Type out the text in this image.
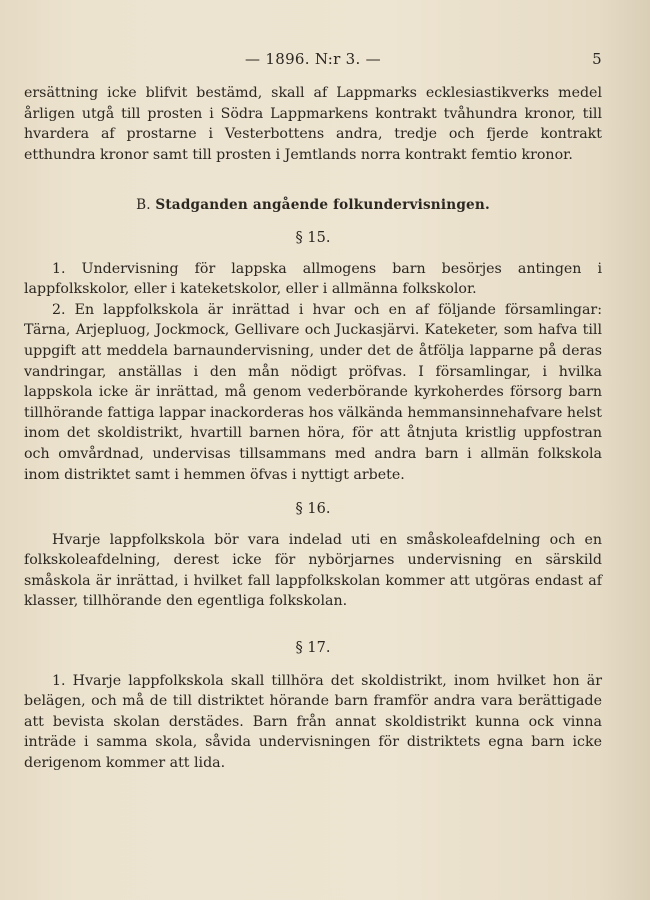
— 1896. N:r 3. —	5

ersättning icke blifvit bestämd, skall af Lappmarks ecklesiastikverks medel årligen utgå till prosten i Södra Lappmarkens kontrakt tvåhundra kronor, till hvardera af prostarne i Vesterbottens andra, tredje och fjerde kontrakt etthundra kronor samt till prosten i Jemtlands norra kontrakt femtio kronor.

B. Stadganden angående folkundervisningen.
§ 15.

1. Undervisning för lappska allmogens barn besörjes antingen i lappfolkskolor, eller i kateketskolor, eller i allmänna folkskolor.

2. En lappfolkskola är inrättad i hvar och en af följande församlingar: Tärna, Arjepluog, Jockmock, Gellivare och Juckasjärvi. Kateketer, som hafva till uppgift att meddela barnaundervisning, under det de åtfölja lapparne på deras vandringar, anställas i den mån nödigt pröfvas. I församlingar, i hvilka lappskola icke är inrättad, må genom vederbörande kyrkoherdes försorg barn tillhörande fattiga lappar inackorderas hos välkända hemmansinnehafvare helst inom det skoldistrikt, hvartill barnen höra, för att åtnjuta kristlig uppfostran och omvårdnad, undervisas tillsammans med andra barn i allmän folkskola inom distriktet samt i hemmen öfvas i nyttigt arbete.

§ 16.

Hvarje lappfolkskola bör vara indelad uti en småskoleafdelning och en folkskoleafdelning, derest icke för nybörjarnes undervisning en särskild småskola är inrättad, i hvilket fall lappfolkskolan kommer att utgöras endast af klasser, tillhörande den egentliga folkskolan.

§ 17.

1. Hvarje lappfolkskola skall tillhöra det skoldistrikt, inom hvilket hon är belägen, och må de till distriktet hörande barn framför andra vara berättigade att bevista skolan derstädes. Barn från annat skoldistrikt kunna ock vinna inträde i samma skola, såvida undervisningen för distriktets egna barn icke derigenom kommer att lida.
